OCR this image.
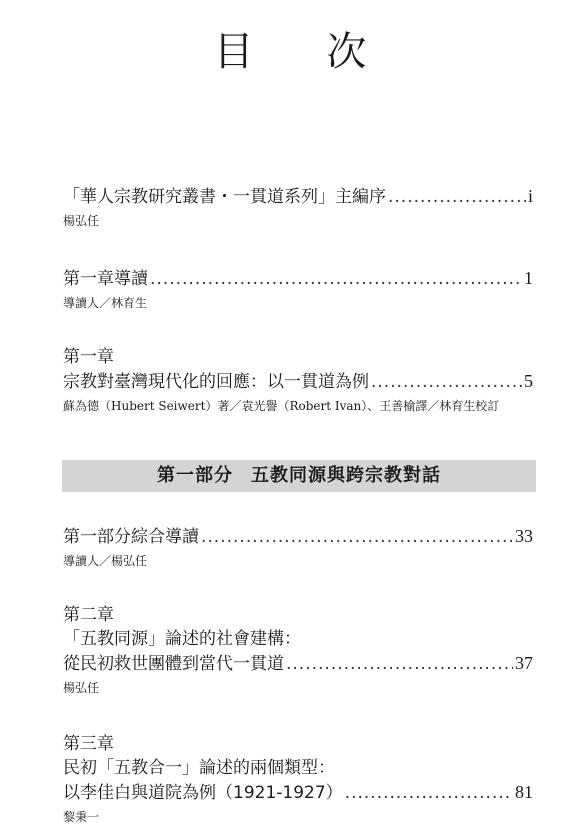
目 次
「華人宗教研究叢書・一貫道系列」主編序 .....	i
楊弘任
第一章導讀 .....	1
導讀人／林育生
第一章
宗教對臺灣現代化的回應：以一貫道為例 .....	5
蘇為德（Hubert Seiwert）著／袁光譽（Robert Ivan）、王善榆譯／林育生校訂
第一部分 五教同源與跨宗教對話
第一部分綜合導讀 .....	33
導讀人／楊弘任
第二章
「五教同源」論述的社會建構：
從民初救世團體到當代一貫道 .....	37
楊弘任
第三章
民初「五教合一」論述的兩個類型：
以李佳白與道院為例（1921-1927） .....	81
黎秉一
